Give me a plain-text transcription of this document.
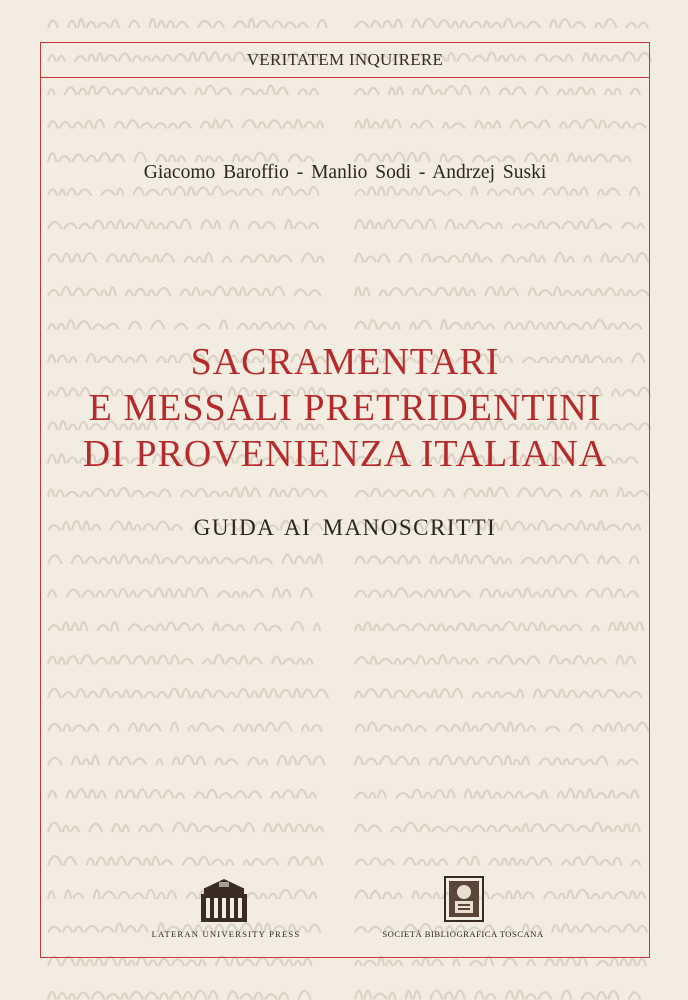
VERITATEM INQUIRERE
Giacomo Baroffio - Manlio Sodi - Andrzej Suski
SACRAMENTARI
E MESSALI PRETRIDENTINI
DI PROVENIENZA ITALIANA
GUIDA AI MANOSCRITTI
LATERAN UNIVERSITY PRESS	SOCIETÀ BIBLIOGRAFICA TOSCANA
